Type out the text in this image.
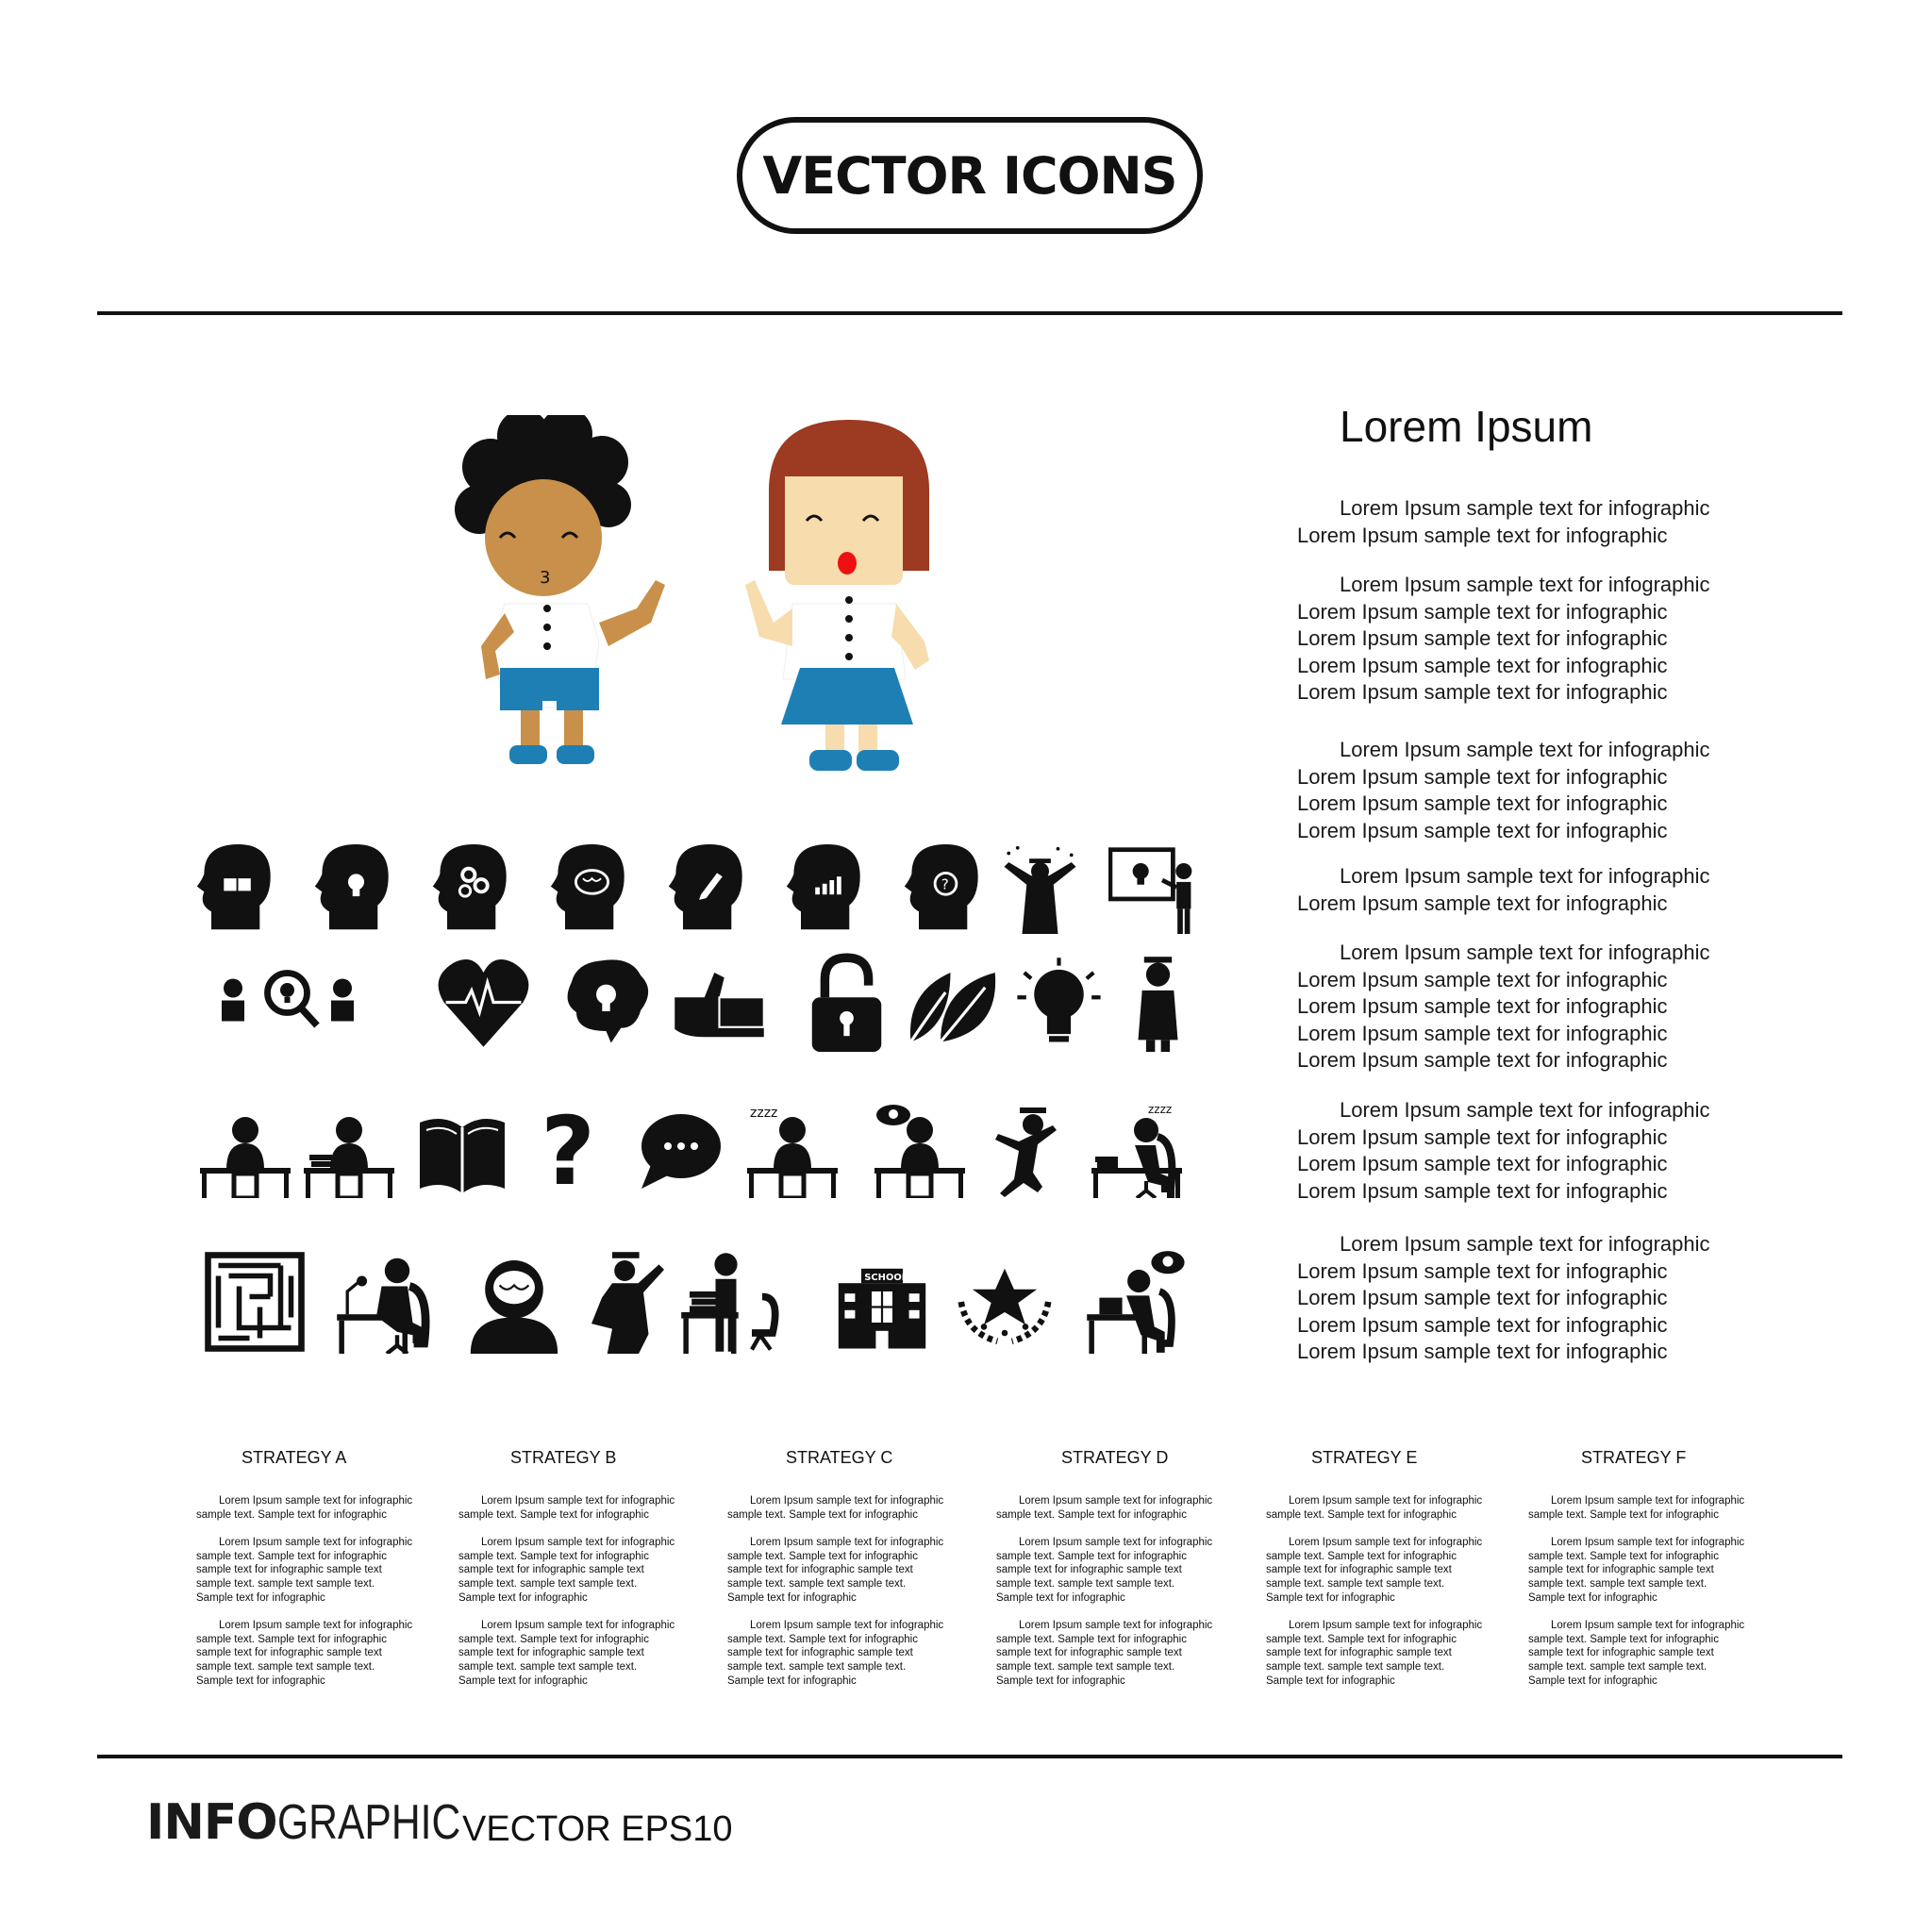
VECTOR ICONS
3
?
?	zzzz	zzzz
SCHOOL
Lorem Ipsum
Lorem Ipsum sample text for infographic
Lorem Ipsum sample text for infographic
Lorem Ipsum sample text for infographic
Lorem Ipsum sample text for infographic
Lorem Ipsum sample text for infographic
Lorem Ipsum sample text for infographic
Lorem Ipsum sample text for infographic
Lorem Ipsum sample text for infographic
Lorem Ipsum sample text for infographic
Lorem Ipsum sample text for infographic
Lorem Ipsum sample text for infographic
Lorem Ipsum sample text for infographic
Lorem Ipsum sample text for infographic
Lorem Ipsum sample text for infographic
Lorem Ipsum sample text for infographic
Lorem Ipsum sample text for infographic
Lorem Ipsum sample text for infographic
Lorem Ipsum sample text for infographic
Lorem Ipsum sample text for infographic
Lorem Ipsum sample text for infographic
Lorem Ipsum sample text for infographic
Lorem Ipsum sample text for infographic
Lorem Ipsum sample text for infographic
Lorem Ipsum sample text for infographic
Lorem Ipsum sample text for infographic
Lorem Ipsum sample text for infographic
Lorem Ipsum sample text for infographic
STRATEGY A
Lorem Ipsum sample text for infographic
sample text. Sample text for infographic
Lorem Ipsum sample text for infographic
sample text. Sample text for infographic
sample text for infographic sample text
sample text. sample text sample text.
Sample text for infographic
Lorem Ipsum sample text for infographic
sample text. Sample text for infographic
sample text for infographic sample text
sample text. sample text sample text.
Sample text for infographic
STRATEGY B
Lorem Ipsum sample text for infographic
sample text. Sample text for infographic
Lorem Ipsum sample text for infographic
sample text. Sample text for infographic
sample text for infographic sample text
sample text. sample text sample text.
Sample text for infographic
Lorem Ipsum sample text for infographic
sample text. Sample text for infographic
sample text for infographic sample text
sample text. sample text sample text.
Sample text for infographic
STRATEGY C
Lorem Ipsum sample text for infographic
sample text. Sample text for infographic
Lorem Ipsum sample text for infographic
sample text. Sample text for infographic
sample text for infographic sample text
sample text. sample text sample text.
Sample text for infographic
Lorem Ipsum sample text for infographic
sample text. Sample text for infographic
sample text for infographic sample text
sample text. sample text sample text.
Sample text for infographic
STRATEGY D
Lorem Ipsum sample text for infographic
sample text. Sample text for infographic
Lorem Ipsum sample text for infographic
sample text. Sample text for infographic
sample text for infographic sample text
sample text. sample text sample text.
Sample text for infographic
Lorem Ipsum sample text for infographic
sample text. Sample text for infographic
sample text for infographic sample text
sample text. sample text sample text.
Sample text for infographic
STRATEGY E
Lorem Ipsum sample text for infographic
sample text. Sample text for infographic
Lorem Ipsum sample text for infographic
sample text. Sample text for infographic
sample text for infographic sample text
sample text. sample text sample text.
Sample text for infographic
Lorem Ipsum sample text for infographic
sample text. Sample text for infographic
sample text for infographic sample text
sample text. sample text sample text.
Sample text for infographic
STRATEGY F
Lorem Ipsum sample text for infographic
sample text. Sample text for infographic
Lorem Ipsum sample text for infographic
sample text. Sample text for infographic
sample text for infographic sample text
sample text. sample text sample text.
Sample text for infographic
Lorem Ipsum sample text for infographic
sample text. Sample text for infographic
sample text for infographic sample text
sample text. sample text sample text.
Sample text for infographic
INFO GRAPHIC VECTOR EPS10
